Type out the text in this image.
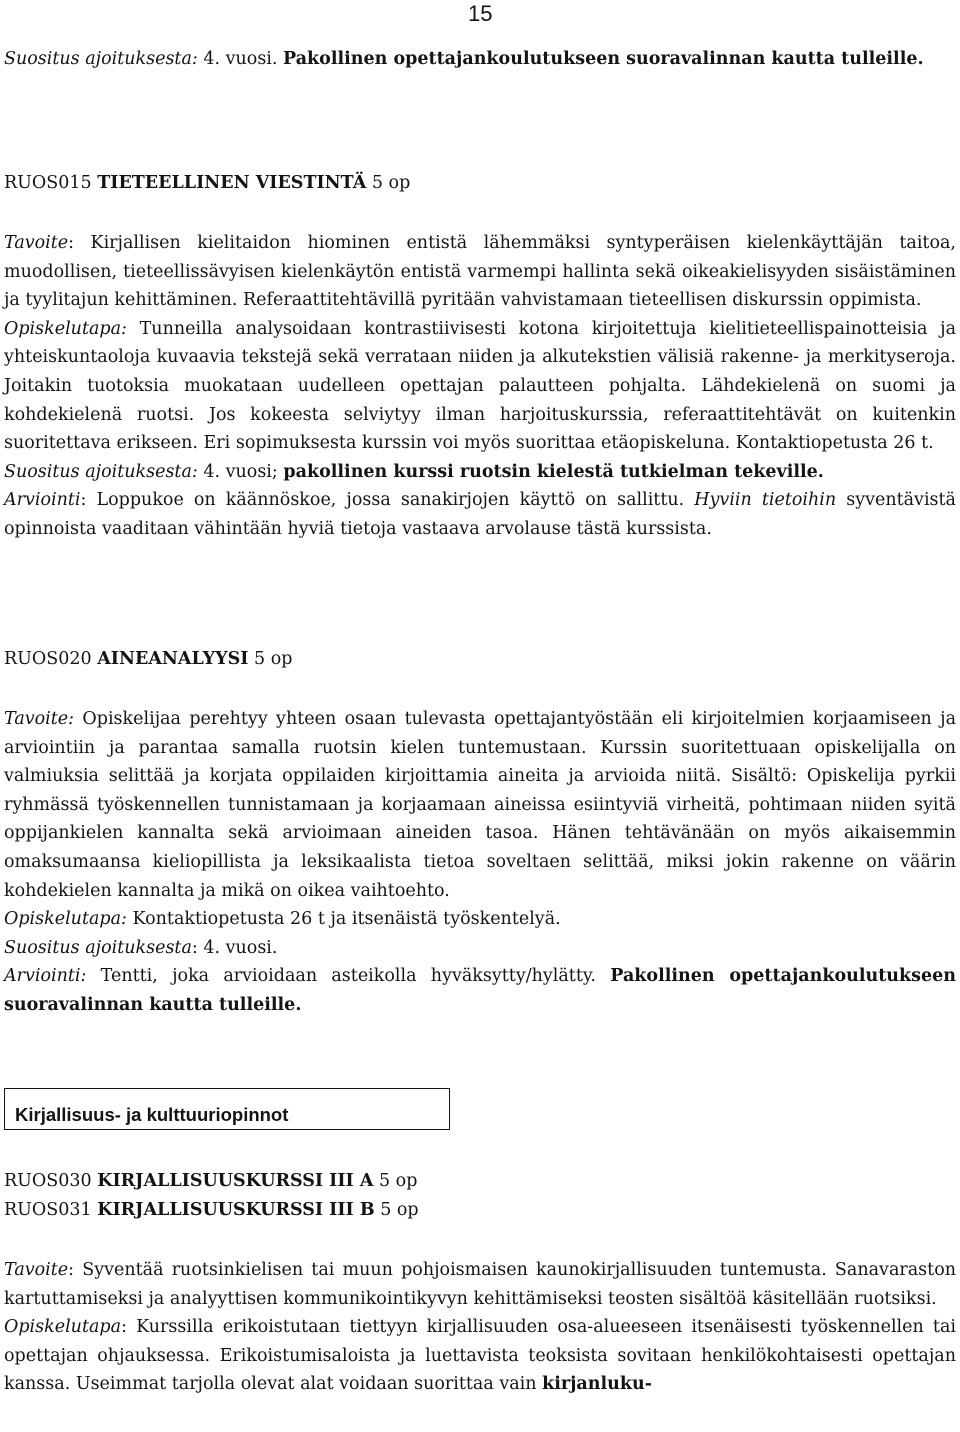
15
Suositus ajoituksesta: 4. vuosi. Pakollinen opettajankoulutukseen suoravalinnan kautta tulleille.
RUOS015 TIETEELLINEN VIESTINTÄ 5 op
Tavoite: Kirjallisen kielitaidon hiominen entistä lähemmäksi syntyperäisen kielenkäyttäjän taitoa, muodollisen, tieteellissävyisen kielenkäytön entistä varmempi hallinta sekä oikeakielisyyden sisäistäminen ja tyylitajun kehittäminen. Referaattitehtävillä pyritään vahvistamaan tieteellisen diskurssin oppimista.
Opiskelutapa: Tunneilla analysoidaan kontrastiivisesti kotona kirjoitettuja kielitieteellispainotteisia ja yhteiskuntaoloja kuvaavia tekstejä sekä verrataan niiden ja alkutekstien välisiä rakenne- ja merkityseroja. Joitakin tuotoksia muokataan uudelleen opettajan palautteen pohjalta. Lähdekielenä on suomi ja kohdekielenä ruotsi. Jos kokeesta selviytyy ilman harjoituskurssia, referaattitehtävät on kuitenkin suoritettava erikseen. Eri sopimuksesta kurssin voi myös suorittaa etäopiskeluna. Kontaktiopetusta 26 t.
Suositus ajoituksesta: 4. vuosi; pakollinen kurssi ruotsin kielestä tutkielman tekeville.
Arviointi: Loppukoe on käännöskoe, jossa sanakirjojen käyttö on sallittu. Hyviin tietoihin syventävistä opinnoista vaaditaan vähintään hyviä tietoja vastaava arvolause tästä kurssista.
RUOS020 AINEANALYYSI 5 op
Tavoite: Opiskelijaa perehtyy yhteen osaan tulevasta opettajantyöstään eli kirjoitelmien korjaamiseen ja arviointiin ja parantaa samalla ruotsin kielen tuntemustaan. Kurssin suoritettuaan opiskelijalla on valmiuksia selittää ja korjata oppilaiden kirjoittamia aineita ja arvioida niitä. Sisältö: Opiskelija pyrkii ryhmässä työskennellen tunnistamaan ja korjaamaan aineissa esiintyviä virheitä, pohtimaan niiden syitä oppijankielen kannalta sekä arvioimaan aineiden tasoa. Hänen tehtävänään on myös aikaisemmin omaksumaansa kieliopillista ja leksikaalista tietoa soveltaen selittää, miksi jokin rakenne on väärin kohdekielen kannalta ja mikä on oikea vaihtoehto.
Opiskelutapa: Kontaktiopetusta 26 t ja itsenäistä työskentelyä.
Suositus ajoituksesta: 4. vuosi.
Arviointi: Tentti, joka arvioidaan asteikolla hyväksytty/hylätty. Pakollinen opettajankoulutukseen suoravalinnan kautta tulleille.
Kirjallisuus- ja kulttuuriopinnot
RUOS030 KIRJALLISUUSKURSSI III A 5 op
RUOS031 KIRJALLISUUSKURSSI III B 5 op
Tavoite: Syventää ruotsinkielisen tai muun pohjoismaisen kaunokirjallisuuden tuntemusta. Sanavaraston kartuttamiseksi ja analyyttisen kommunikointikyvyn kehittämiseksi teosten sisältöä käsitellään ruotsiksi.
Opiskelutapa: Kurssilla erikoistutaan tiettyyn kirjallisuuden osa-alueeseen itsenäisesti työskennellen tai opettajan ohjauksessa. Erikoistumisaloista ja luettavista teoksista sovitaan henkilökohtaisesti opettajan kanssa. Useimmat tarjolla olevat alat voidaan suorittaa vain kirjanluku-
